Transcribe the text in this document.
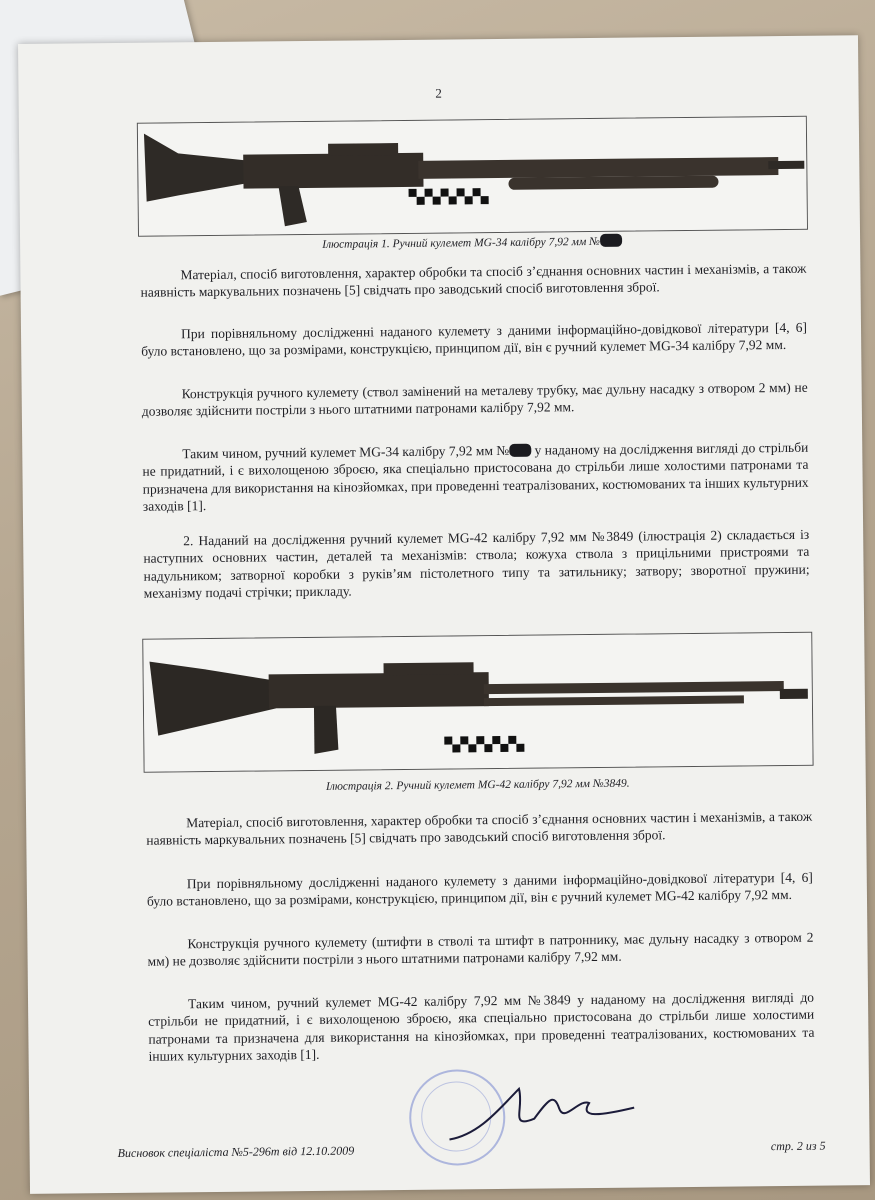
2
Ілюстрація 1. Ручний кулемет MG-34 калібру 7,92 мм №

Матеріал, спосіб виготовлення, характер обробки та спосіб з’єднання основних частин і механізмів, а також наявність маркувальних позначень [5] свідчать про заводський спосіб виготовлення зброї.

При порівняльному дослідженні наданого кулемету з даними інформаційно-довідкової літератури [4, 6] було встановлено, що за розмірами, конструкцією, принципом дії, він є ручний кулемет MG-34 калібру 7,92 мм.

Конструкція ручного кулемету (ствол замінений на металеву трубку, має дульну насадку з отвором 2 мм) не дозволяє здійснити постріли з нього штатними патронами калібру 7,92 мм.

Таким чином, ручний кулемет MG-34 калібру 7,92 мм № у наданому на дослідження вигляді до стрільби не придатний, і є вихолощеною зброєю, яка спеціально пристосована до стрільби лише холостими патронами та призначена для використання на кінозйомках, при проведенні театралізованих, костюмованих та інших культурних заходів [1].

2. Наданий на дослідження ручний кулемет MG-42 калібру 7,92 мм №3849 (ілюстрація 2) складається із наступних основних частин, деталей та механізмів: ствола; кожуха ствола з прицільними пристроями та надульником; затворної коробки з руків’ям пістолетного типу та затильнику; затвору; зворотної пружини; механізму подачі стрічки; прикладу.

Ілюстрація 2. Ручний кулемет MG-42 калібру 7,92 мм №3849.

Матеріал, спосіб виготовлення, характер обробки та спосіб з’єднання основних частин і механізмів, а також наявність маркувальних позначень [5] свідчать про заводський спосіб виготовлення зброї.

При порівняльному дослідженні наданого кулемету з даними інформаційно-довідкової літератури [4, 6] було встановлено, що за розмірами, конструкцією, принципом дії, він є ручний кулемет MG-42 калібру 7,92 мм.

Конструкція ручного кулемету (штифти в стволі та штифт в патроннику, має дульну насадку з отвором 2 мм) не дозволяє здійснити постріли з нього штатними патронами калібру 7,92 мм.

Таким чином, ручний кулемет MG-42 калібру 7,92 мм №3849 у наданому на дослідження вигляді до стрільби не придатний, і є вихолощеною зброєю, яка спеціально пристосована до стрільби лише холостими патронами та призначена для використання на кінозйомках, при проведенні театралізованих, костюмованих та інших культурних заходів [1].

Висновок спеціаліста №5-296т від 12.10.2009	стр. 2 из 5
